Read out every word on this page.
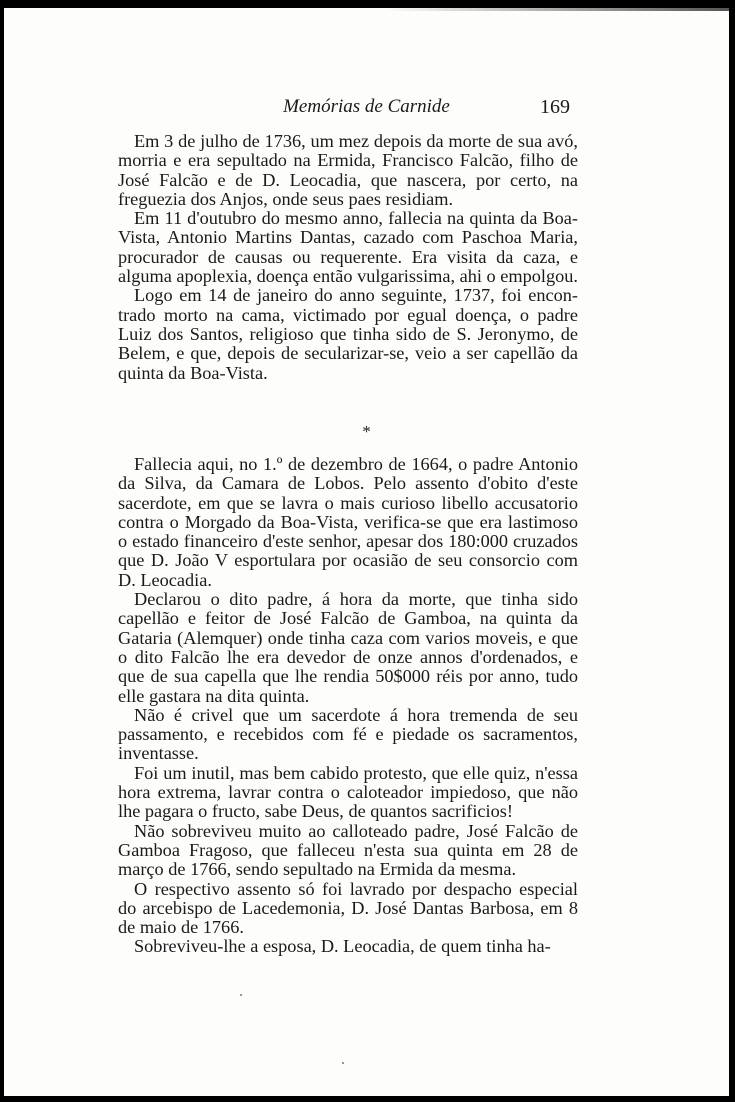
Memórias de Carnide	169

Em 3 de julho de 1736, um mez depois da morte de sua avó, morria e era sepultado na Ermida, Francisco Falcão, filho de José Falcão e de D. Leocadia, que nascera, por certo, na freguezia dos Anjos, onde seus paes residiam.

Em 11 d'outubro do mesmo anno, fallecia na quinta da Boa-Vista, Antonio Martins Dantas, cazado com Paschoa Maria, procurador de causas ou requerente. Era visita da caza, e alguma apoplexia, doença então vulgarissima, ahi o empolgou.

Logo em 14 de janeiro do anno seguinte, 1737, foi encontrado morto na cama, victimado por egual doença, o padre Luiz dos Santos, religioso que tinha sido de S. Jeronymo, de Belem, e que, depois de secularizar-se, veio a ser capellão da quinta da Boa-Vista.

*

Fallecia aqui, no 1.º de dezembro de 1664, o padre Antonio da Silva, da Camara de Lobos. Pelo assento d'obito d'este sacerdote, em que se lavra o mais curioso libello accusatorio contra o Morgado da Boa-Vista, verifica-se que era lastimoso o estado financeiro d'este senhor, apesar dos 180:000 cruzados que D. João V esportulara por ocasião de seu consorcio com D. Leocadia.

Declarou o dito padre, á hora da morte, que tinha sido capellão e feitor de José Falcão de Gamboa, na quinta da Gataria (Alemquer) onde tinha caza com varios moveis, e que o dito Falcão lhe era devedor de onze annos d'ordenados, e que de sua capella que lhe rendia 50$000 réis por anno, tudo elle gastara na dita quinta.

Não é crivel que um sacerdote á hora tremenda de seu passamento, e recebidos com fé e piedade os sacramentos, inventasse.

Foi um inutil, mas bem cabido protesto, que elle quiz, n'essa hora extrema, lavrar contra o caloteador impiedoso, que não lhe pagara o fructo, sabe Deus, de quantos sacrificios!

Não sobreviveu muito ao calloteado padre, José Falcão de Gamboa Fragoso, que falleceu n'esta sua quinta em 28 de março de 1766, sendo sepultado na Ermida da mesma.

O respectivo assento só foi lavrado por despacho especial do arcebispo de Lacedemonia, D. José Dantas Barbosa, em 8 de maio de 1766.

Sobreviveu-lhe a esposa, D. Leocadia, de quem tinha ha-
